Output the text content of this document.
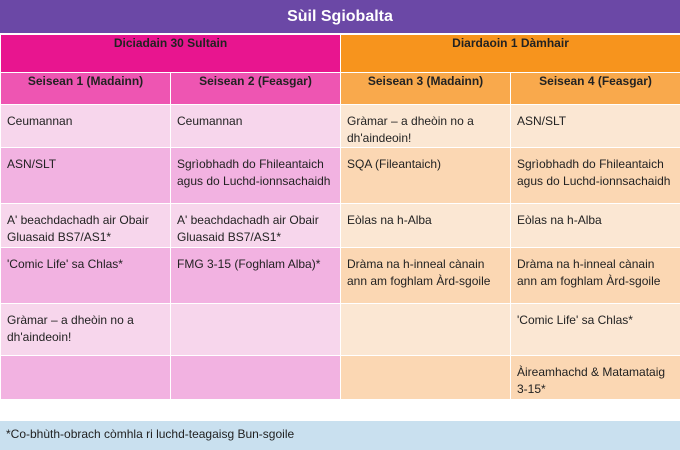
Sùil Sgiobalta
Diciadain 30 Sultain		Diardaoin 1 Dàmhair	
Seisean 1 (Madainn)	Seisean 2 (Feasgar)	Seisean 3 (Madainn)	Seisean 4 (Feasgar)
Ceumannan	Ceumannan	Gràmar – a dheòin no a dh'aindeoin!	ASN/SLT
ASN/SLT	Sgrìobhadh do Fhileantaich agus do Luchd-ionnsachaidh	SQA (Fileantaich)	Sgrìobhadh do Fhileantaich agus do Luchd-ionnsachaidh
A' beachdachadh air Obair Gluasaid BS7/AS1*	A' beachdachadh air Obair Gluasaid BS7/AS1*	Eòlas na h-Alba	Eòlas na h-Alba
'Comic Life' sa Chlas*	FMG 3-15 (Foghlam Alba)*	Dràma na h-inneal cànain ann am foghlam Àrd-sgoile	Dràma na h-inneal cànain ann am foghlam Àrd-sgoile
Gràmar – a dheòin no a dh'aindeoin!			'Comic Life' sa Chlas*
			Àireamhachd & Matamataig 3-15*
*Co-bhùth-obrach còmhla ri luchd-teagaisg Bun-sgoile
